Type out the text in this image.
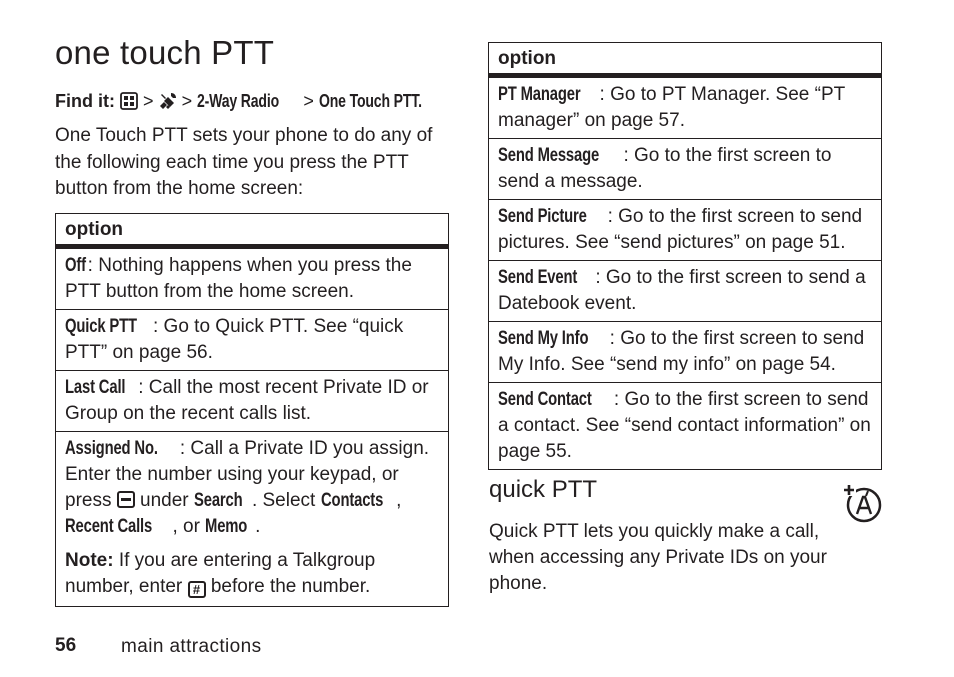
one touch PTT
Find it: > > 2-Way Radio > One Touch PTT.
One Touch PTT sets your phone to do any of the following each time you press the PTT button from the home screen:
option
Off: Nothing happens when you press the PTT button from the home screen.
Quick PTT : Go to Quick PTT. See “quick PTT” on page 56.
Last Call : Call the most recent Private ID or Group on the recent calls list.
Assigned No. : Call a Private ID you assign. Enter the number using your keypad, or press under Search . Select Contacts , Recent Calls , or Memo .
Note: If you are entering a Talkgroup number, enter # before the number.
option
PT Manager : Go to PT Manager. See “PT manager” on page 57.
Send Message : Go to the first screen to send a message.
Send Picture : Go to the first screen to send pictures. See “send pictures” on page 51.
Send Event : Go to the first screen to send a Datebook event.
Send My Info : Go to the first screen to send My Info. See “send my info” on page 54.
Send Contact : Go to the first screen to send a contact. See “send contact information” on page 55.
quick PTT
Quick PTT lets you quickly make a call, when accessing any Private IDs on your phone.
56 main attractions
